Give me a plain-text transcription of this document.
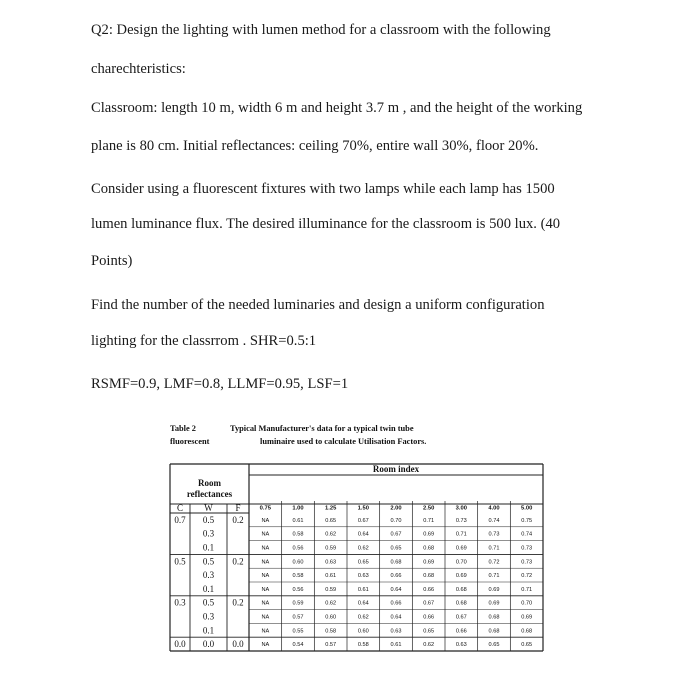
Q2: Design the lighting with lumen method for a classroom with the following

charechteristics:

Classroom: length 10 m, width 6 m and height 3.7 m , and the height of the working

plane is 80 cm. Initial reflectances: ceiling 70%, entire wall 30%, floor 20%.

Consider using a fluorescent fixtures with two lamps while each lamp has 1500

lumen luminance flux. The desired illuminance for the classroom is 500 lux. (40

Points)

Find the number of the needed luminaries and design a uniform configuration

lighting for the classrrom . SHR=0.5:1

RSMF=0.9, LMF=0.8, LLMF=0.95, LSF=1

Table 2
fluorescent
Typical Manufacturer's data for a typical twin tube
luminaire used to calculate Utilisation Factors.
Room index
Room
reflectances
C W	F	0.75	1.00	1.25	1.50	2.00	2.50	3.00	4.00	5.00
0.7 0.5 0.2	NA	0.61	0.65	0.67	0.70	0.71	0.73	0.74	0.75
0.3	NA	0.58	0.62	0.64	0.67	0.69	0.71	0.73	0.74
0.1	NA	0.56	0.59	0.62	0.65	0.68	0.69	0.71	0.73
0.5 0.5 0.2	NA	0.60	0.63	0.65	0.68	0.69	0.70	0.72	0.73
0.3	NA	0.58	0.61	0.63	0.66	0.68	0.69	0.71	0.72
0.1	NA	0.56	0.59	0.61	0.64	0.66	0.68	0.69	0.71
0.3 0.5 0.2	NA	0.59	0.62	0.64	0.66	0.67	0.68	0.69	0.70
0.3	NA	0.57	0.60	0.62	0.64	0.66	0.67	0.68	0.69
0.1	NA	0.55	0.58	0.60	0.63	0.65	0.66	0.68	0.68
0.0 0.0 0.0	NA	0.54	0.57	0.58	0.61	0.62	0.63	0.65	0.65
